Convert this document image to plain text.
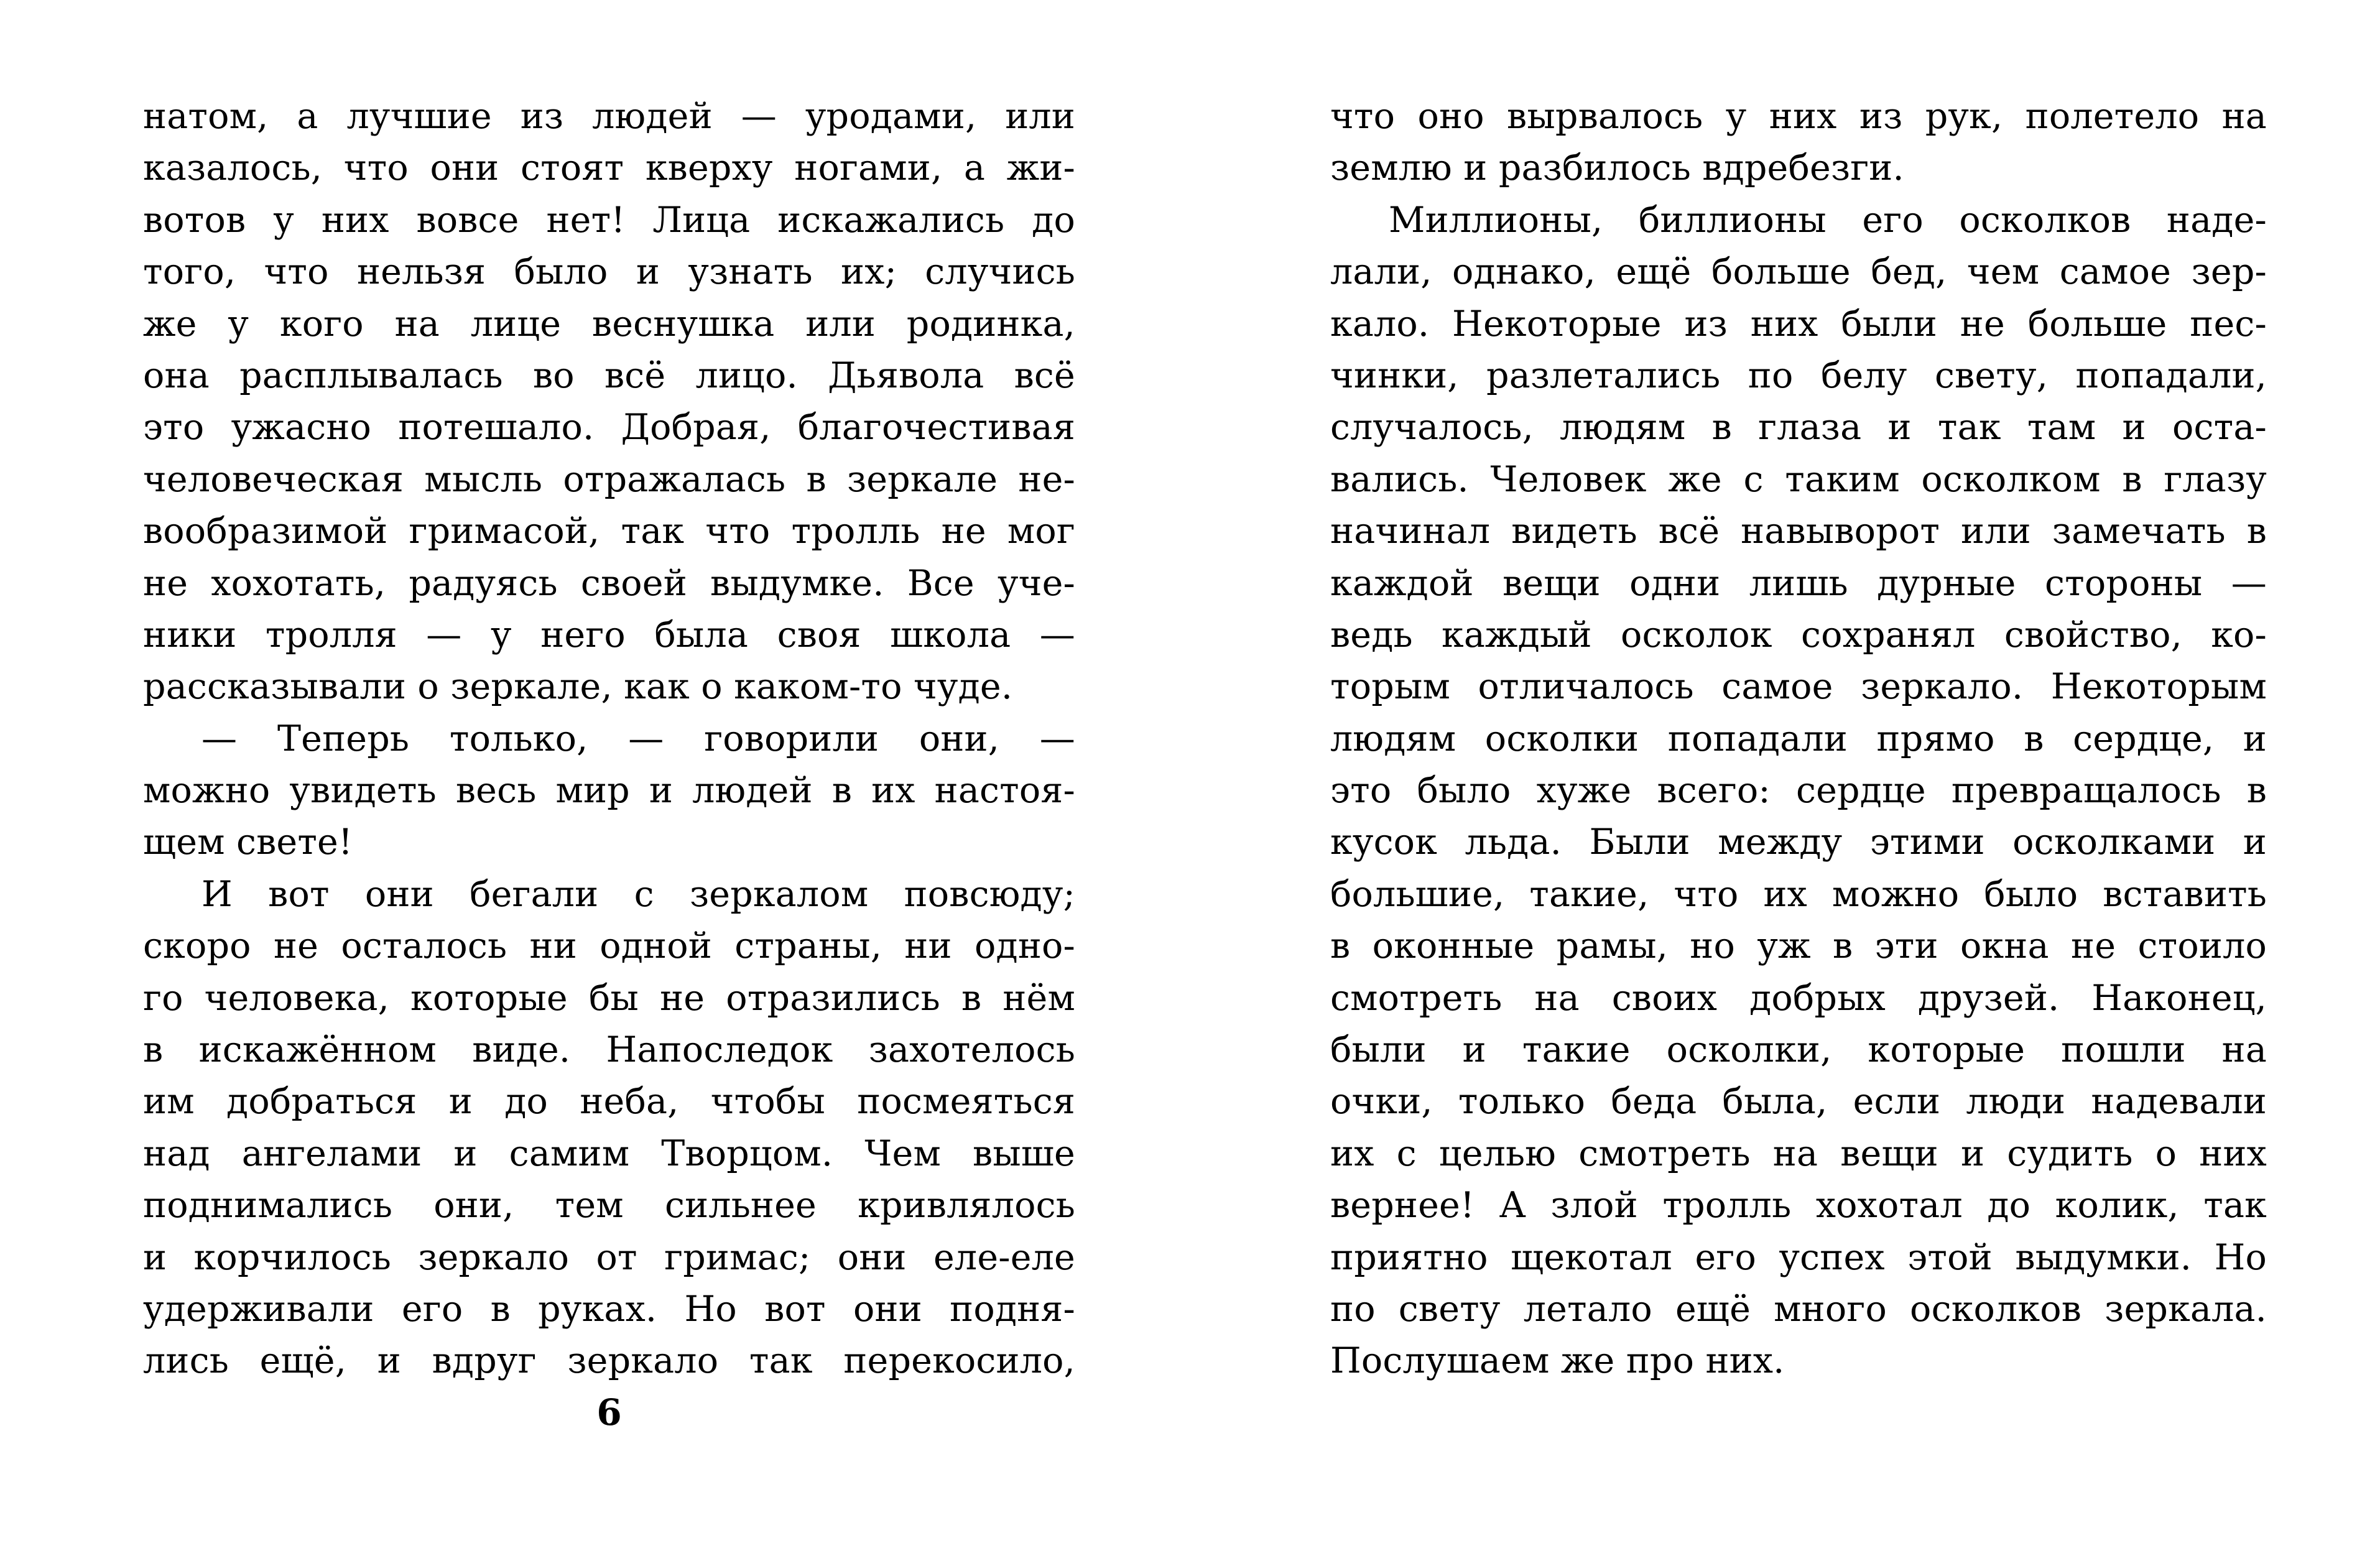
натом, а лучшие из людей — уродами, или
казалось, что они стоят кверху ногами, а жи-
вотов у них вовсе нет! Лица искажались до
того, что нельзя было и узнать их; случись
же у кого на лице веснушка или родинка,
она расплывалась во всё лицо. Дьявола всё
это ужасно потешало. Добрая, благочестивая
человеческая мысль отражалась в зеркале не-
вообразимой гримасой, так что тролль не мог
не хохотать, радуясь своей выдумке. Все уче-
ники тролля — у него была своя школа —
рассказывали о зеркале, как о каком-то чуде.
— Теперь только, — говорили они, —
можно увидеть весь мир и людей в их настоя-
щем свете!
И вот они бегали с зеркалом повсюду;
скоро не осталось ни одной страны, ни одно-
го человека, которые бы не отразились в нём
в искажённом виде. Напоследок захотелось
им добраться и до неба, чтобы посмеяться
над ангелами и самим Творцом. Чем выше
поднимались они, тем сильнее кривлялось
и корчилось зеркало от гримас; они еле-еле
удерживали его в руках. Но вот они подня-
лись ещё, и вдруг зеркало так перекосило,
6
что оно вырвалось у них из рук, полетело на
землю и разбилось вдребезги.
Миллионы, биллионы его осколков наде-
лали, однако, ещё больше бед, чем самое зер-
кало. Некоторые из них были не больше пес-
чинки, разлетались по белу свету, попадали,
случалось, людям в глаза и так там и оста-
вались. Человек же с таким осколком в глазу
начинал видеть всё навыворот или замечать в
каждой вещи одни лишь дурные стороны —
ведь каждый осколок сохранял свойство, ко-
торым отличалось самое зеркало. Некоторым
людям осколки попадали прямо в сердце, и
это было хуже всего: сердце превращалось в
кусок льда. Были между этими осколками и
большие, такие, что их можно было вставить
в оконные рамы, но уж в эти окна не стоило
смотреть на своих добрых друзей. Наконец,
были и такие осколки, которые пошли на
очки, только беда была, если люди надевали
их с целью смотреть на вещи и судить о них
вернее! А злой тролль хохотал до колик, так
приятно щекотал его успех этой выдумки. Но
по свету летало ещё много осколков зеркала.
Послушаем же про них.
